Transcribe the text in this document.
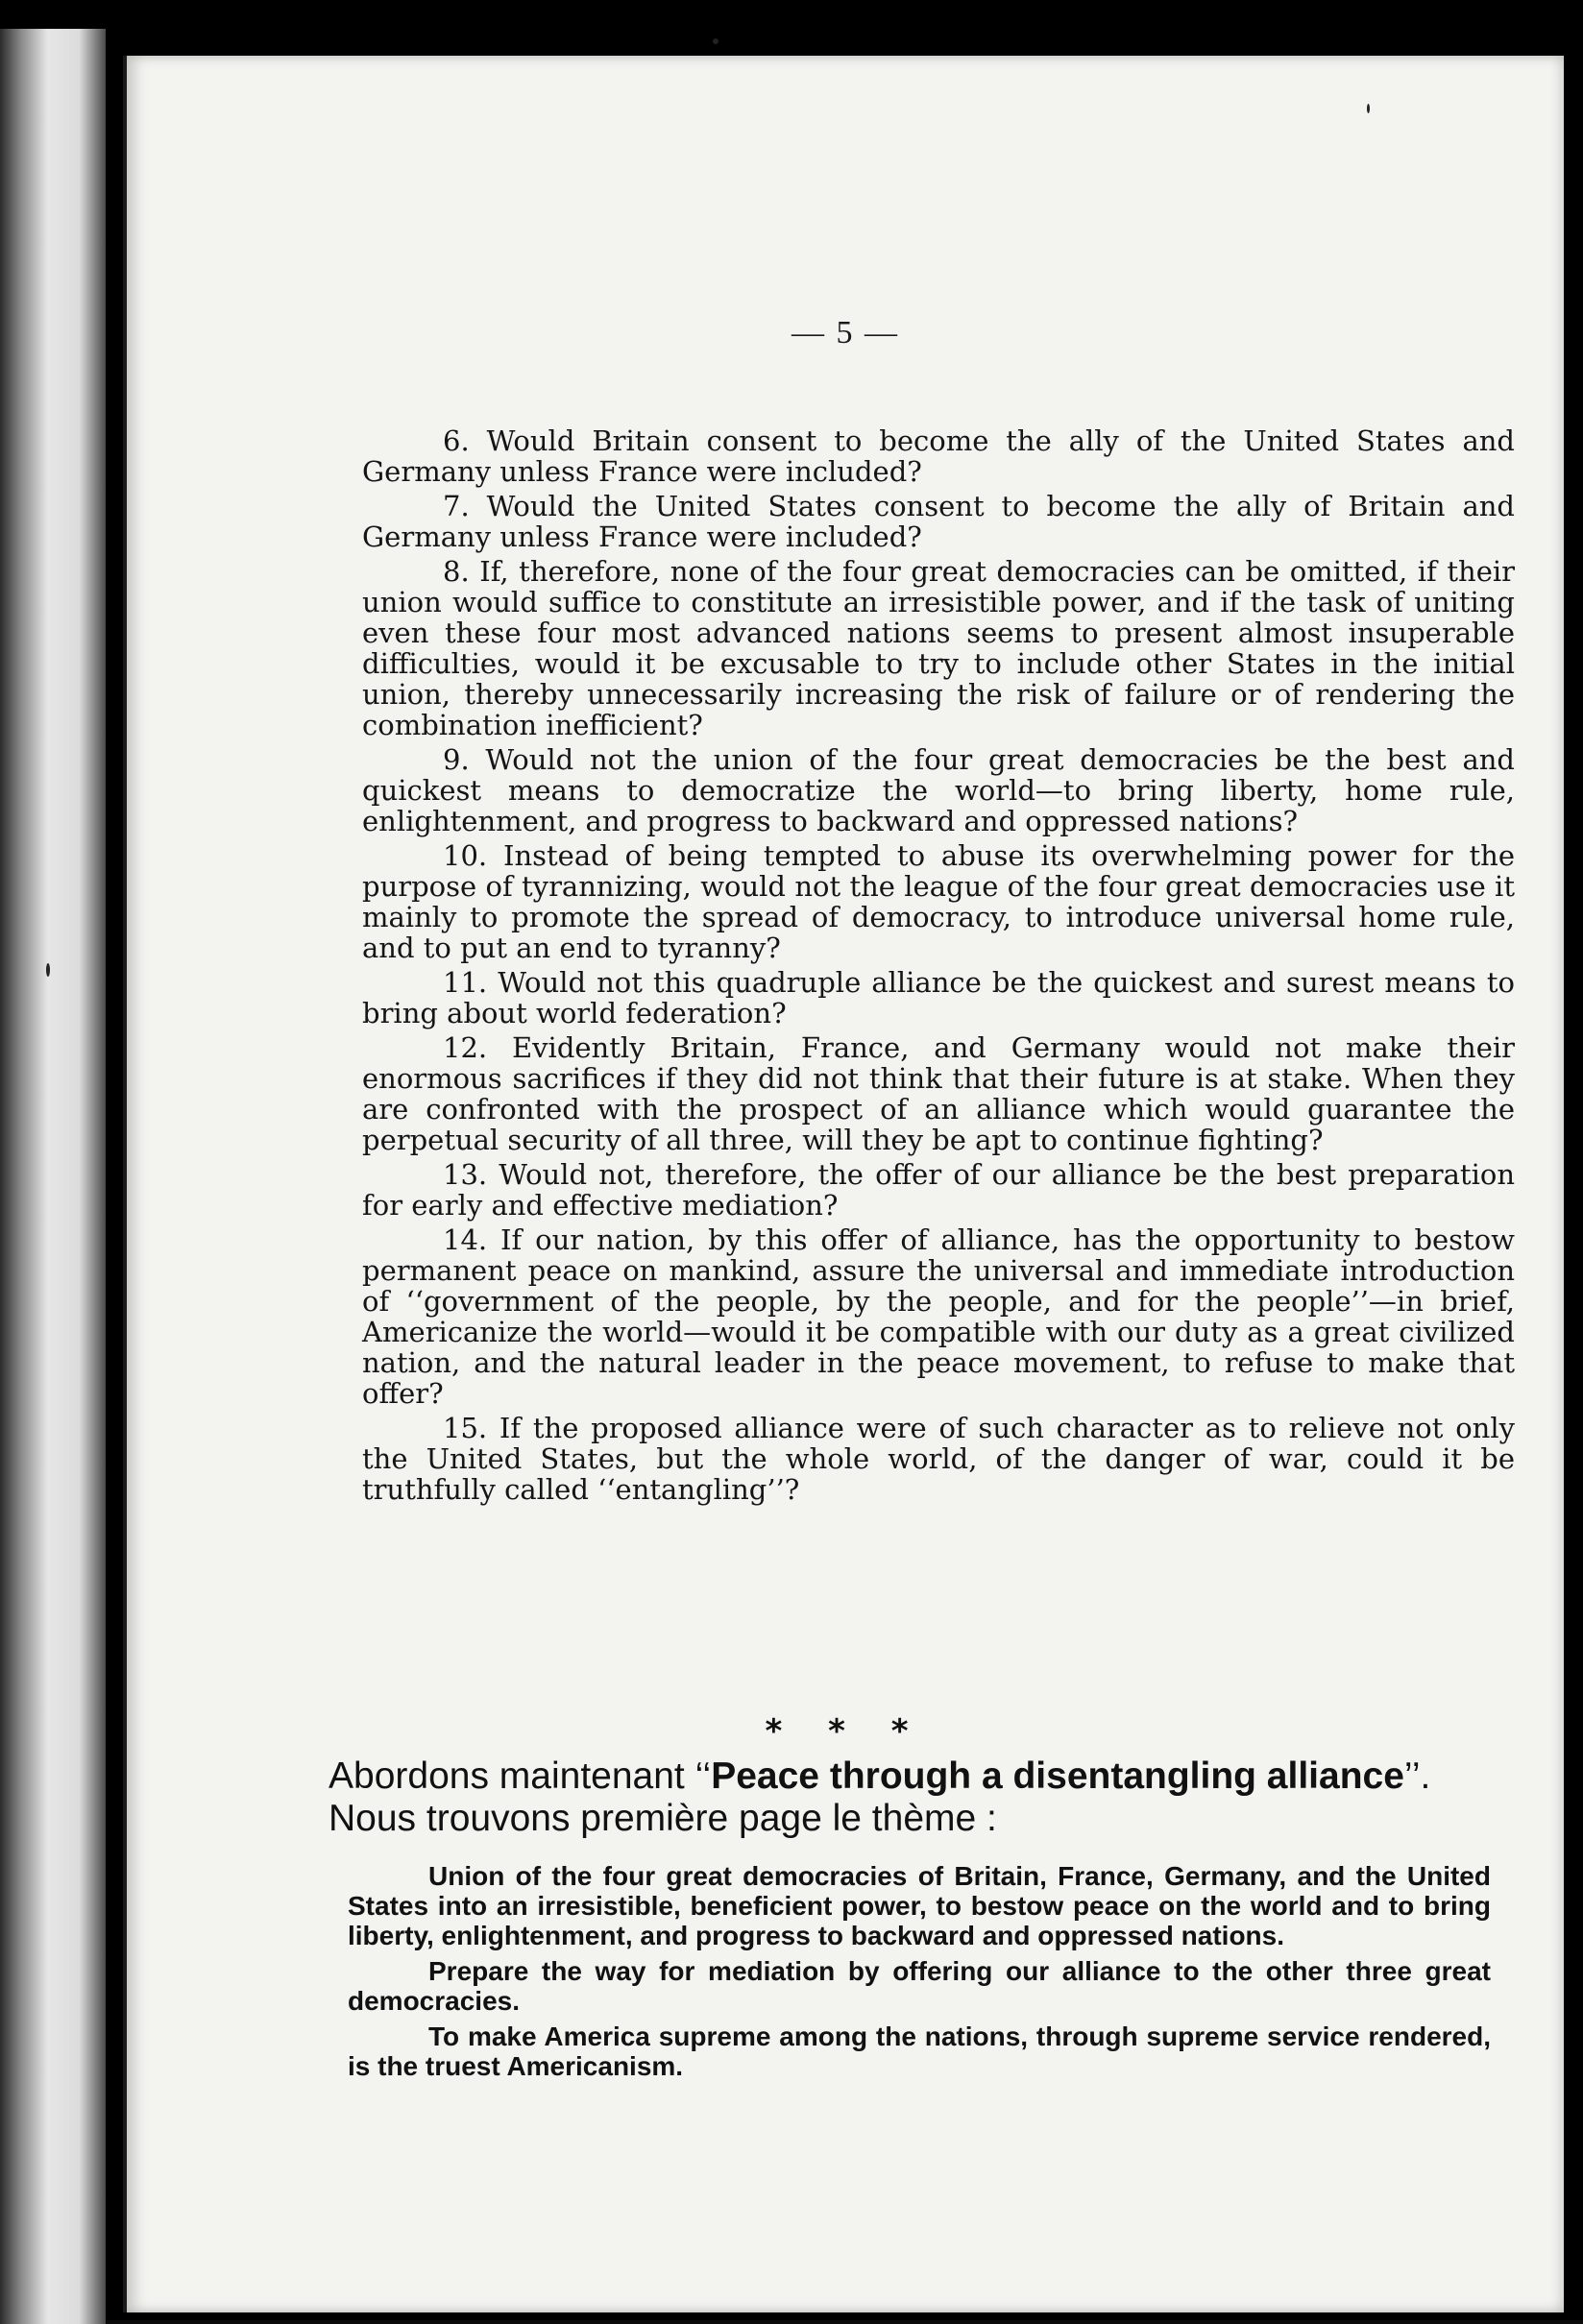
— 5 —

6. Would Britain consent to become the ally of the United States and Germany unless France were included?

7. Would the United States consent to become the ally of Britain and Germany unless France were included?

8. If, therefore, none of the four great democracies can be omitted, if their union would suffice to constitute an irresistible power, and if the task of uniting even these four most advanced nations seems to present almost insuperable difficulties, would it be excusable to try to include other States in the initial union, thereby unnecessarily increasing the risk of failure or of rendering the combination inefficient?

9. Would not the union of the four great democracies be the best and quickest means to democratize the world—to bring liberty, home rule, enlightenment, and progress to backward and oppressed nations?

10. Instead of being tempted to abuse its overwhelming power for the purpose of tyrannizing, would not the league of the four great democracies use it mainly to promote the spread of democracy, to introduce universal home rule, and to put an end to tyranny?

11. Would not this quadruple alliance be the quickest and surest means to bring about world federation?

12. Evidently Britain, France, and Germany would not make their enormous sacrifices if they did not think that their future is at stake. When they are confronted with the prospect of an alliance which would guarantee the perpetual security of all three, will they be apt to continue fighting?

13. Would not, therefore, the offer of our alliance be the best preparation for early and effective mediation?

14. If our nation, by this offer of alliance, has the opportunity to bestow permanent peace on mankind, assure the universal and immediate introduction of ‘‘government of the people, by the people, and for the people’’—in brief, Americanize the world—would it be compatible with our duty as a great civilized nation, and the natural leader in the peace movement, to refuse to make that offer?

15. If the proposed alliance were of such character as to relieve not only the United States, but the whole world, of the danger of war, could it be truthfully called ‘‘entangling’’?

* * *
Abordons maintenant ‘‘Peace through a disentangling alliance’’.
Nous trouvons première page le thème :

Union of the four great democracies of Britain, France, Germany, and the United States into an irresistible, beneficient power, to bestow peace on the world and to bring liberty, enlightenment, and progress to backward and oppressed nations.

Prepare the way for mediation by offering our alliance to the other three great democracies.

To make America supreme among the nations, through supreme service rendered, is the truest Americanism.
